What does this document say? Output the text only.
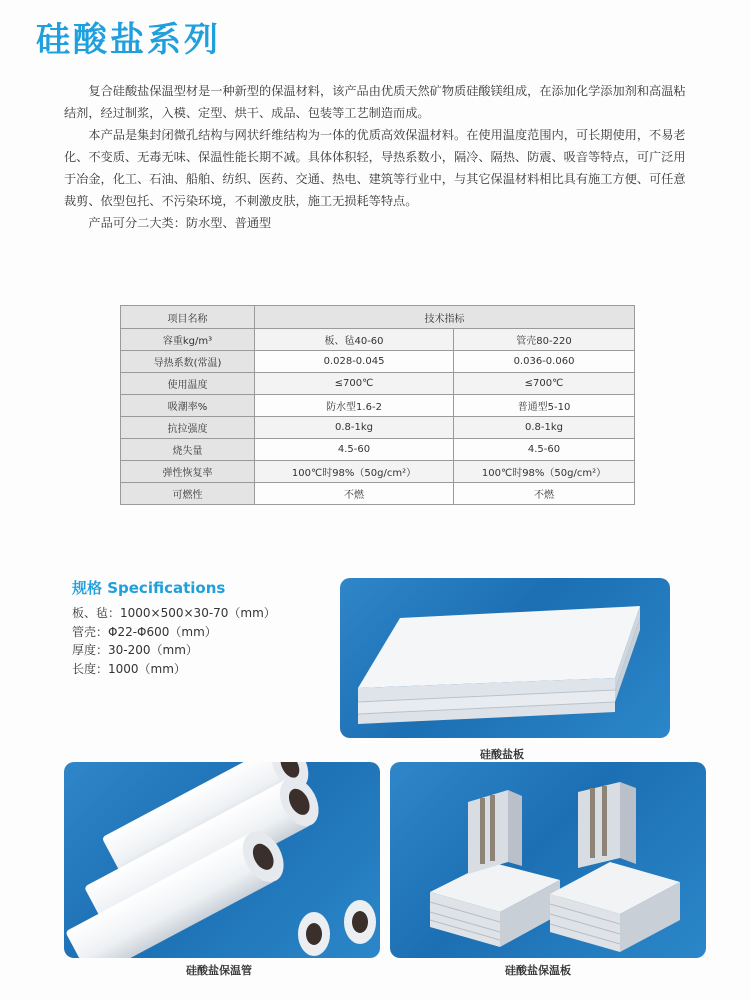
硅酸盐系列

复合硅酸盐保温型材是一种新型的保温材料，该产品由优质天然矿物质硅酸镁组成，在添加化学添加剂和高温粘结剂，经过制浆，入模、定型、烘干、成品、包装等工艺制造而成。

本产品是集封闭微孔结构与网状纤维结构为一体的优质高效保温材料。在使用温度范围内，可长期使用，不易老化、不变质、无毒无味、保温性能长期不减。具体体积轻，导热系数小，隔冷、隔热、防震、吸音等特点，可广泛用于冶金，化工、石油、船舶、纺织、医药、交通、热电、建筑等行业中，与其它保温材料相比具有施工方便、可任意裁剪、依型包托、不污染环境，不刺激皮肤，施工无损耗等特点。

产品可分二大类：防水型、普通型

项目名称	技术指标	
容重kg/m³	板、毡40-60	管壳80-220
导热系数(常温)	0.028-0.045	0.036-0.060
使用温度	≤700℃	≤700℃
吸潮率%	防水型1.6-2	普通型5-10
抗拉强度	0.8-1kg	0.8-1kg
烧失量	4.5-60	4.5-60
弹性恢复率	100℃时98%（50g/cm²）	100℃时98%（50g/cm²）
可燃性	不燃	不燃
规格 Specifications
板、毡：1000×500×30-70（mm）
管壳：Φ22-Φ600（mm）
厚度：30-200（mm）
长度：1000（mm）
硅酸盐板
硅酸盐保温管	硅酸盐保温板
